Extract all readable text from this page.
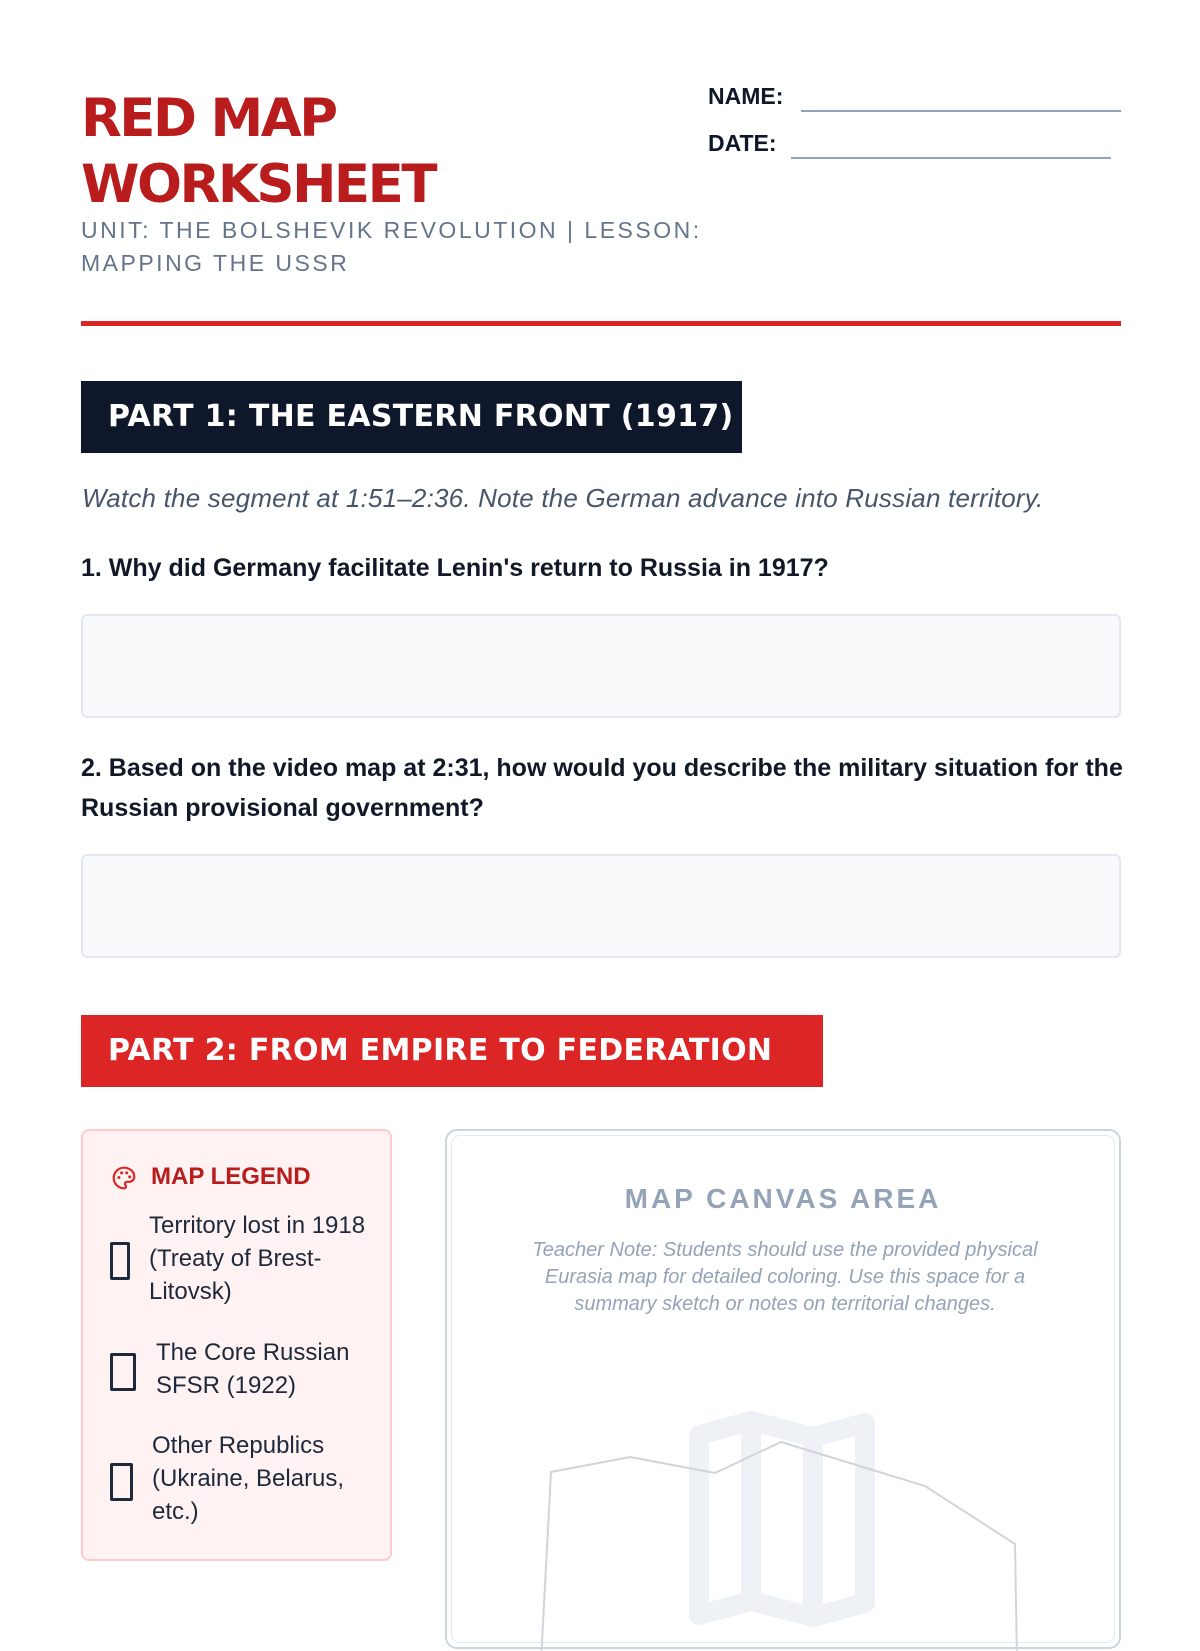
RED MAP WORKSHEET
UNIT: THE BOLSHEVIK REVOLUTION | LESSON: MAPPING THE USSR
NAME:
DATE:
PART 1: THE EASTERN FRONT (1917)
Watch the segment at 1:51–2:36. Note the German advance into Russian territory.
1. Why did Germany facilitate Lenin's return to Russia in 1917?
2. Based on the video map at 2:31, how would you describe the military situation for the Russian provisional government?
PART 2: FROM EMPIRE TO FEDERATION
MAP LEGEND
Territory lost in 1918 (Treaty of Brest-Litovsk)
The Core Russian SFSR (1922)
Other Republics (Ukraine, Belarus, etc.)
MAP CANVAS AREA
Teacher Note: Students should use the provided physical Eurasia map for detailed coloring. Use this space for a summary sketch or notes on territorial changes.
